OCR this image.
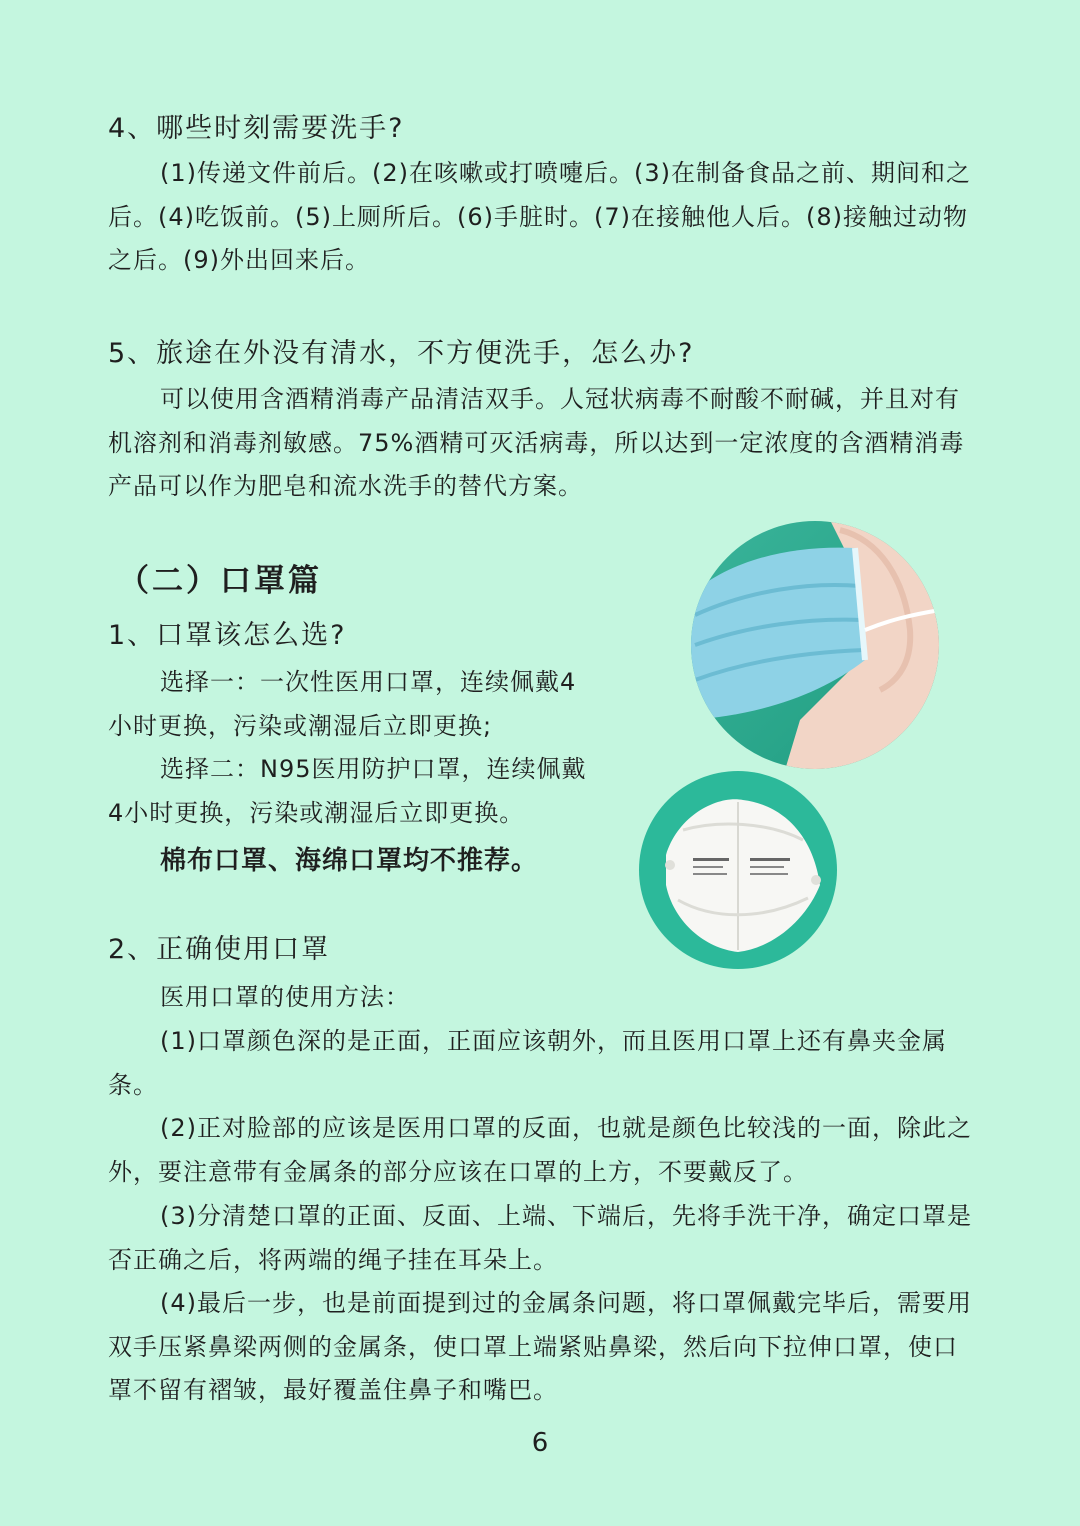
4、哪些时刻需要洗手?

(1)传递文件前后。(2)在咳嗽或打喷嚏后。(3)在制备食品之前、期间和之后。(4)吃饭前。(5)上厕所后。(6)手脏时。(7)在接触他人后。(8)接触过动物之后。(9)外出回来后。

5、旅途在外没有清水，不方便洗手，怎么办?

可以使用含酒精消毒产品清洁双手。人冠状病毒不耐酸不耐碱，并且对有机溶剂和消毒剂敏感。75%酒精可灭活病毒，所以达到一定浓度的含酒精消毒产品可以作为肥皂和流水洗手的替代方案。

（二）口罩篇
1、口罩该怎么选?

选择一：一次性医用口罩，连续佩戴4小时更换，污染或潮湿后立即更换;

选择二：N95医用防护口罩，连续佩戴4小时更换，污染或潮湿后立即更换。

棉布口罩、海绵口罩均不推荐。

2、正确使用口罩

医用口罩的使用方法：

(1)口罩颜色深的是正面，正面应该朝外，而且医用口罩上还有鼻夹金属条。

(2)正对脸部的应该是医用口罩的反面，也就是颜色比较浅的一面，除此之外，要注意带有金属条的部分应该在口罩的上方，不要戴反了。

(3)分清楚口罩的正面、反面、上端、下端后，先将手洗干净，确定口罩是否正确之后，将两端的绳子挂在耳朵上。

(4)最后一步，也是前面提到过的金属条问题，将口罩佩戴完毕后，需要用双手压紧鼻梁两侧的金属条，使口罩上端紧贴鼻梁，然后向下拉伸口罩，使口罩不留有褶皱，最好覆盖住鼻子和嘴巴。

6
